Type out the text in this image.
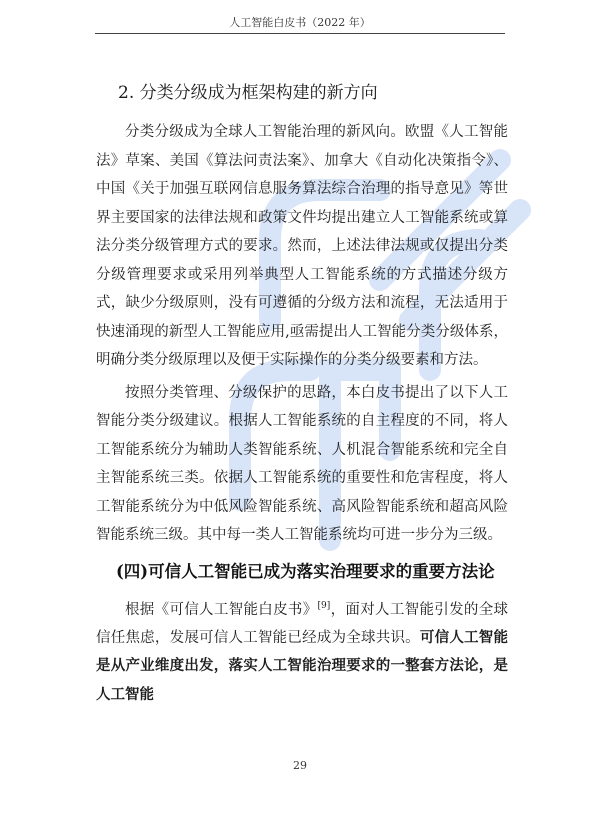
人工智能白皮书（2022 年）
2. 分类分级成为框架构建的新方向

分类分级成为全球人工智能治理的新风向。欧盟《人工智能法》草案、美国《算法问责法案》、加拿大《自动化决策指令》、中国《关于加强互联网信息服务算法综合治理的指导意见》等世界主要国家的法律法规和政策文件均提出建立人工智能系统或算法分类分级管理方式的要求。然而，上述法律法规或仅提出分类分级管理要求或采用列举典型人工智能系统的方式描述分级方式，缺少分级原则，没有可遵循的分级方法和流程，无法适用于快速涌现的新型人工智能应用,亟需提出人工智能分类分级体系，明确分类分级原理以及便于实际操作的分类分级要素和方法。

按照分类管理、分级保护的思路，本白皮书提出了以下人工智能分类分级建议。根据人工智能系统的自主程度的不同，将人工智能系统分为辅助人类智能系统、人机混合智能系统和完全自主智能系统三类。依据人工智能系统的重要性和危害程度，将人工智能系统分为中低风险智能系统、高风险智能系统和超高风险智能系统三级。其中每一类人工智能系统均可进一步分为三级。

(四)可信人工智能已成为落实治理要求的重要方法论

根据《可信人工智能白皮书》[9]，面对人工智能引发的全球信任焦虑，发展可信人工智能已经成为全球共识。可信人工智能是从产业维度出发，落实人工智能治理要求的一整套方法论，是人工智能

29
